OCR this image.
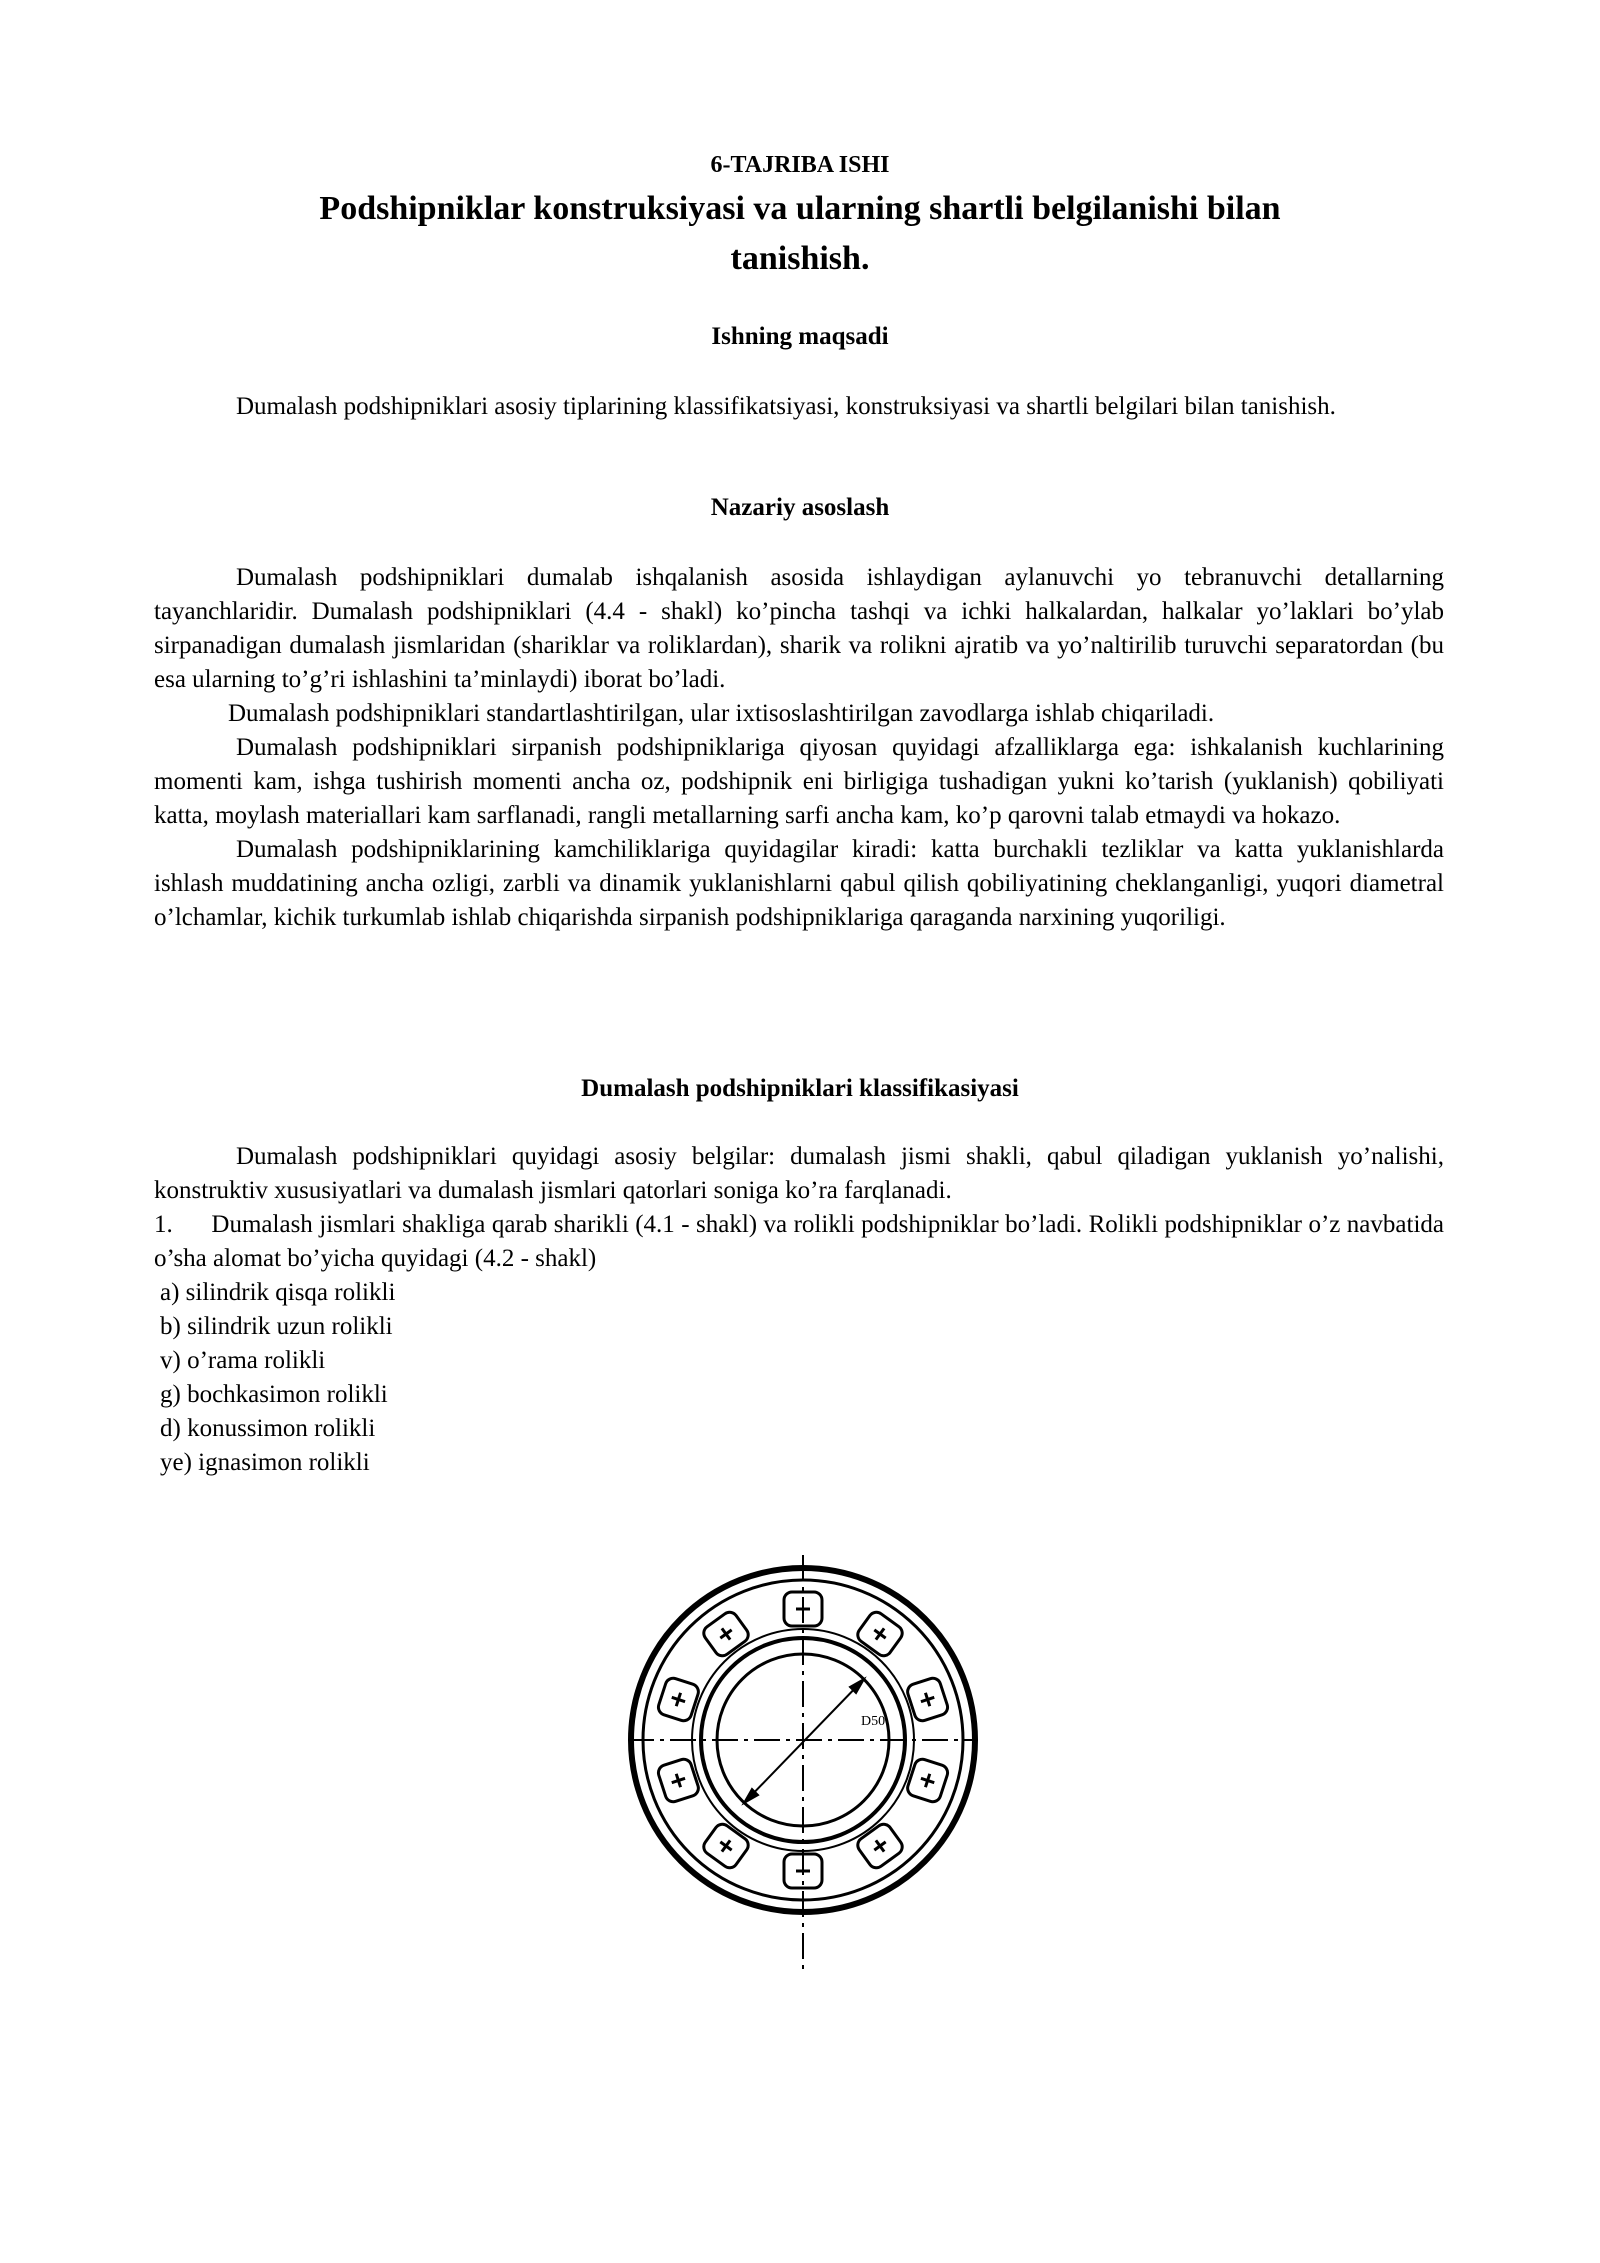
6-TAJRIBA ISHI
Podshipniklar konstruksiyasi va ularning shartli belgilanishi bilan
tanishish.
Ishning maqsadi

Dumalash podshipniklari asosiy tiplarining klassifikatsiyasi, konstruksiyasi va shartli belgilari bilan tanishish.

Nazariy asoslash

Dumalash podshipniklari dumalab ishqalanish asosida ishlaydigan aylanuvchi yo tebranuvchi detallarning tayanchlaridir. Dumalash podshipniklari (4.4 - shakl) ko’pincha tashqi va ichki halkalardan, halkalar yo’laklari bo’ylab sirpanadigan dumalash jismlaridan (shariklar va roliklardan), sharik va rolikni ajratib va yo’naltirilib turuvchi separatordan (bu esa ularning to’g’ri ishlashini ta’minlaydi) iborat bo’ladi.

Dumalash podshipniklari standartlashtirilgan, ular ixtisoslashtirilgan zavodlarga ishlab chiqariladi.

Dumalash podshipniklari sirpanish podshipniklariga qiyosan quyidagi afzalliklarga ega: ishkalanish kuchlarining momenti kam, ishga tushirish momenti ancha oz, podshipnik eni birligiga tushadigan yukni ko’tarish (yuklanish) qobiliyati katta, moylash materiallari kam sarflanadi, rangli metallarning sarfi ancha kam, ko’p qarovni talab etmaydi va hokazo.

Dumalash podshipniklarining kamchiliklariga quyidagilar kiradi: katta burchakli tezliklar va katta yuklanishlarda ishlash muddatining ancha ozligi, zarbli va dinamik yuklanishlarni qabul qilish qobiliyatining cheklanganligi, yuqori diametral o’lchamlar, kichik turkumlab ishlab chiqarishda sirpanish podshipniklariga qaraganda narxining yuqoriligi.

Dumalash podshipniklari klassifikasiyasi

Dumalash podshipniklari quyidagi asosiy belgilar: dumalash jismi shakli, qabul qiladigan yuklanish yo’nalishi, konstruktiv xususiyatlari va dumalash jismlari qatorlari soniga ko’ra farqlanadi.

1.      Dumalash jismlari shakliga qarab sharikli (4.1 - shakl) va rolikli podshipniklar bo’ladi. Rolikli podshipniklar o’z navbatida o’sha alomat bo’yicha quyidagi (4.2 - shakl)

a) silindrik qisqa rolikli
b) silindrik uzun rolikli
v) o’rama rolikli
g) bochkasimon rolikli
d) konussimon rolikli
ye) ignasimon rolikli
D50
